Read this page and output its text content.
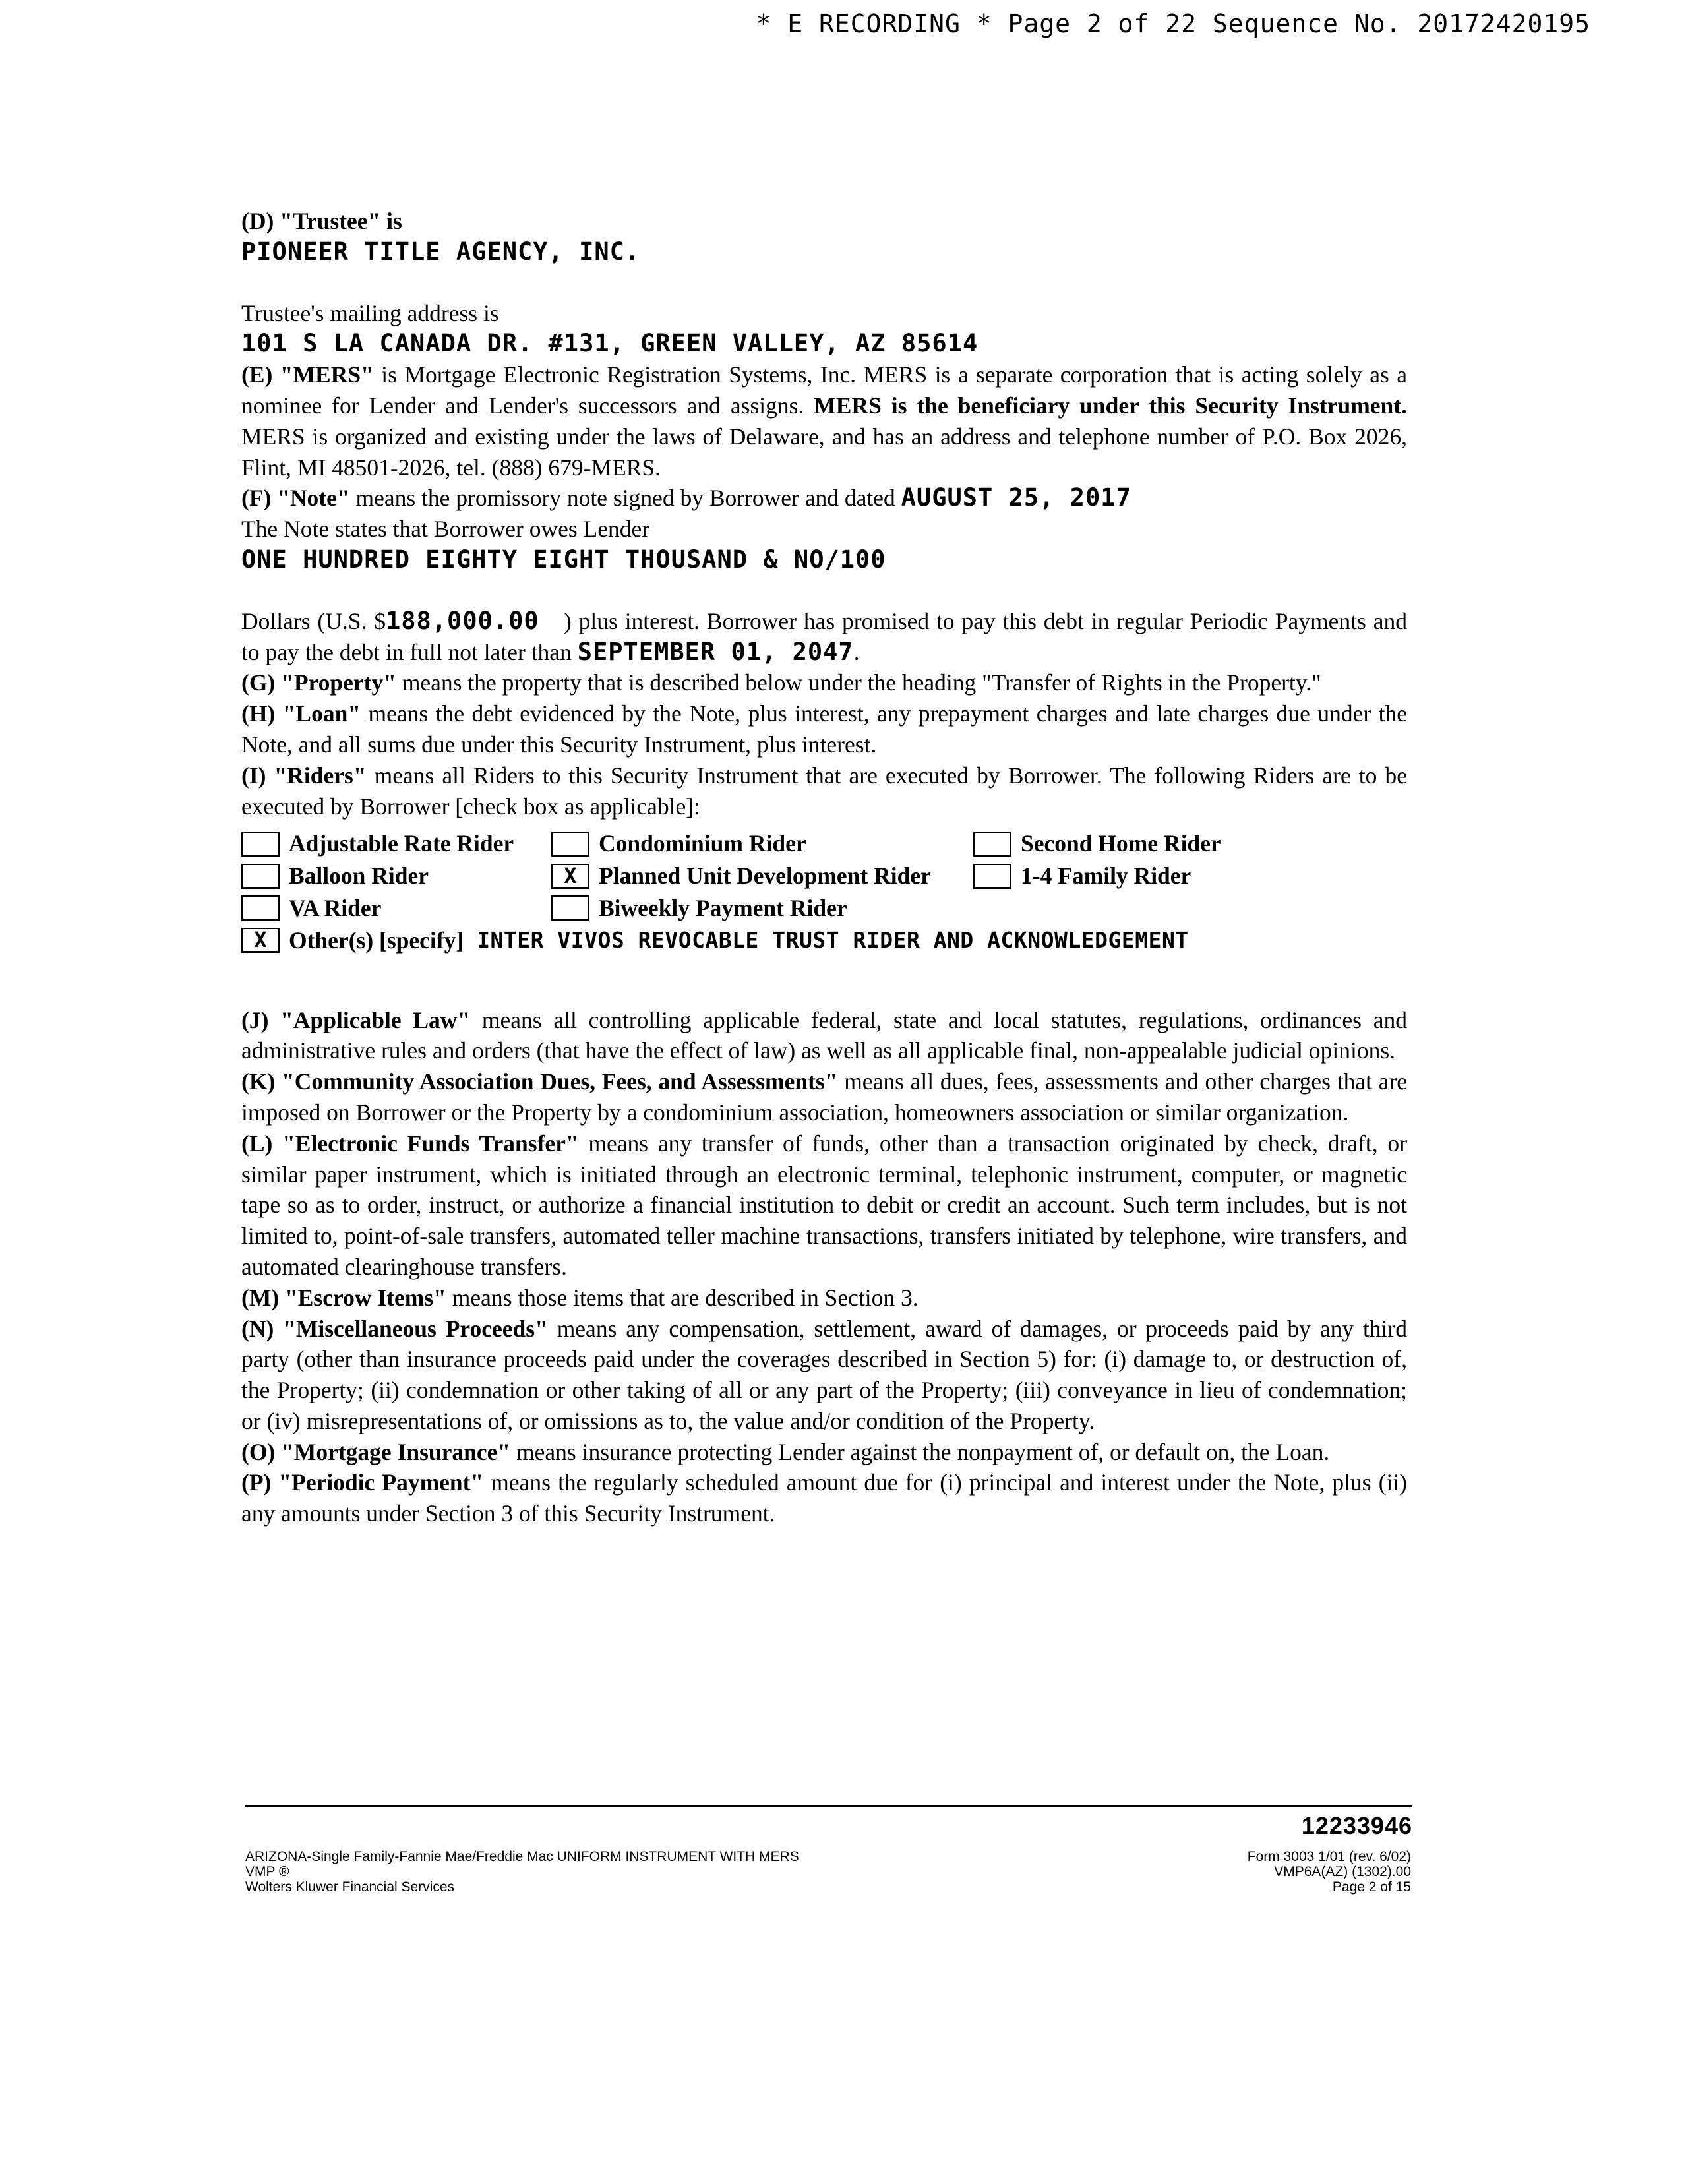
* E RECORDING * Page 2 of 22 Sequence No. 20172420195

(D) "Trustee" is

PIONEER TITLE AGENCY, INC.

Trustee's mailing address is

101 S LA CANADA DR. #131, GREEN VALLEY, AZ 85614

(E) "MERS" is Mortgage Electronic Registration Systems, Inc. MERS is a separate corporation that is acting solely as a nominee for Lender and Lender's successors and assigns. MERS is the beneficiary under this Security Instrument. MERS is organized and existing under the laws of Delaware, and has an address and telephone number of P.O. Box 2026, Flint, MI 48501-2026, tel. (888) 679-MERS.

(F) "Note" means the promissory note signed by Borrower and dated AUGUST 25, 2017

The Note states that Borrower owes Lender

ONE HUNDRED EIGHTY EIGHT THOUSAND & NO/100

Dollars (U.S. $188,000.00 ) plus interest. Borrower has promised to pay this debt in regular Periodic Payments and to pay the debt in full not later than SEPTEMBER 01, 2047.

(G) "Property" means the property that is described below under the heading "Transfer of Rights in the Property."

(H) "Loan" means the debt evidenced by the Note, plus interest, any prepayment charges and late charges due under the Note, and all sums due under this Security Instrument, plus interest.

(I) "Riders" means all Riders to this Security Instrument that are executed by Borrower. The following Riders are to be executed by Borrower [check box as applicable]:

Adjustable Rate Rider	Condominium Rider	Second Home Rider
Balloon Rider	X Planned Unit Development Rider	1-4 Family Rider
VA Rider	Biweekly Payment Rider
X Other(s) [specify] INTER VIVOS REVOCABLE TRUST RIDER AND ACKNOWLEDGEMENT

(J) "Applicable Law" means all controlling applicable federal, state and local statutes, regulations, ordinances and administrative rules and orders (that have the effect of law) as well as all applicable final, non-appealable judicial opinions.

(K) "Community Association Dues, Fees, and Assessments" means all dues, fees, assessments and other charges that are imposed on Borrower or the Property by a condominium association, homeowners association or similar organization.

(L) "Electronic Funds Transfer" means any transfer of funds, other than a transaction originated by check, draft, or similar paper instrument, which is initiated through an electronic terminal, telephonic instrument, computer, or magnetic tape so as to order, instruct, or authorize a financial institution to debit or credit an account. Such term includes, but is not limited to, point-of-sale transfers, automated teller machine transactions, transfers initiated by telephone, wire transfers, and automated clearinghouse transfers.

(M) "Escrow Items" means those items that are described in Section 3.

(N) "Miscellaneous Proceeds" means any compensation, settlement, award of damages, or proceeds paid by any third party (other than insurance proceeds paid under the coverages described in Section 5) for: (i) damage to, or destruction of, the Property; (ii) condemnation or other taking of all or any part of the Property; (iii) conveyance in lieu of condemnation; or (iv) misrepresentations of, or omissions as to, the value and/or condition of the Property.

(O) "Mortgage Insurance" means insurance protecting Lender against the nonpayment of, or default on, the Loan.

(P) "Periodic Payment" means the regularly scheduled amount due for (i) principal and interest under the Note, plus (ii) any amounts under Section 3 of this Security Instrument.

12233946
ARIZONA-Single Family-Fannie Mae/Freddie Mac UNIFORM INSTRUMENT WITH MERS
VMP ®
Wolters Kluwer Financial Services
Form 3003 1/01 (rev. 6/02)
VMP6A(AZ) (1302).00
Page 2 of 15
